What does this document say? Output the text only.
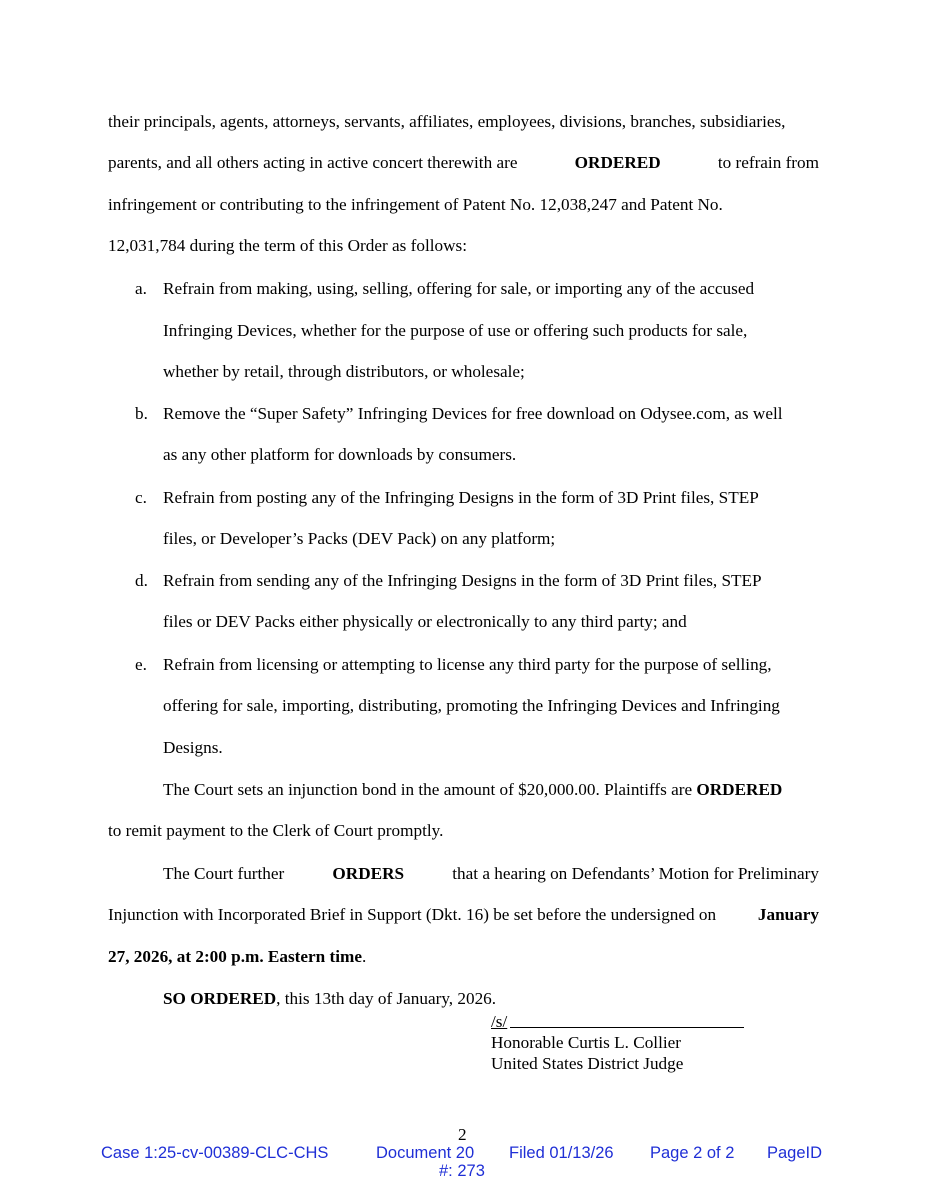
their principals, agents, attorneys, servants, affiliates, employees, divisions, branches, subsidiaries,
parents, and all others acting in active concert therewith are	ORDERED	to refrain from
infringement or contributing to the infringement of Patent No. 12,038,247 and Patent No.
12,031,784 during the term of this Order as follows:
a. Refrain from making, using, selling, offering for sale, or importing any of the accused
Infringing Devices, whether for the purpose of use or offering such products for sale,
whether by retail, through distributors, or wholesale;
b. Remove the “Super Safety” Infringing Devices for free download on Odysee.com, as well
as any other platform for downloads by consumers.
c. Refrain from posting any of the Infringing Designs in the form of 3D Print files, STEP
files, or Developer’s Packs (DEV Pack) on any platform;
d. Refrain from sending any of the Infringing Designs in the form of 3D Print files, STEP
files or DEV Packs either physically or electronically to any third party; and
e. Refrain from licensing or attempting to license any third party for the purpose of selling,
offering for sale, importing, distributing, promoting the Infringing Devices and Infringing
Designs.
The Court sets an injunction bond in the amount of $20,000.00. Plaintiffs are ORDERED
to remit payment to the Clerk of Court promptly.
The Court further	ORDERS	that a hearing on Defendants’ Motion for Preliminary
Injunction with Incorporated Brief in Support (Dkt. 16) be set before the undersigned on January
27, 2026, at 2:00 p.m. Eastern time.
SO ORDERED, this 13th day of January, 2026.
/s/
Honorable Curtis L. Collier
United States District Judge
2
Case 1:25-cv-00389-CLC-CHS	Document 20 Filed 01/13/26 Page 2 of 2 PageID
#: 273
